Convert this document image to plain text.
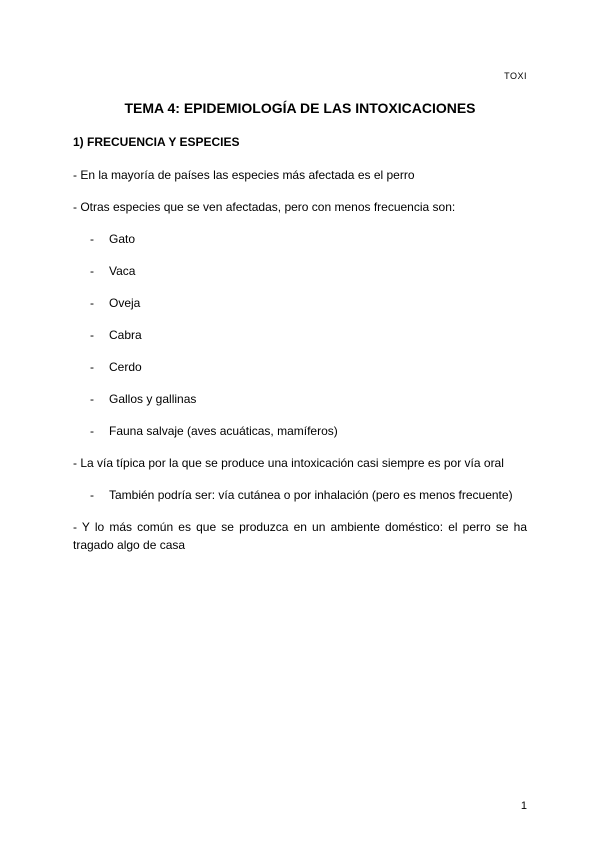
TOXI
TEMA 4: EPIDEMIOLOGÍA DE LAS INTOXICACIONES
1) FRECUENCIA Y ESPECIES
- En la mayoría de países las especies más afectada es el perro
- Otras especies que se ven afectadas, pero con menos frecuencia son:
- Gato
- Vaca
- Oveja
- Cabra
- Cerdo
- Gallos y gallinas
- Fauna salvaje (aves acuáticas, mamíferos)
- La vía típica por la que se produce una intoxicación casi siempre es por vía oral
- También podría ser: vía cutánea o por inhalación (pero es menos frecuente)
- Y lo más común es que se produzca en un ambiente doméstico: el perro se ha tragado algo de casa
1
